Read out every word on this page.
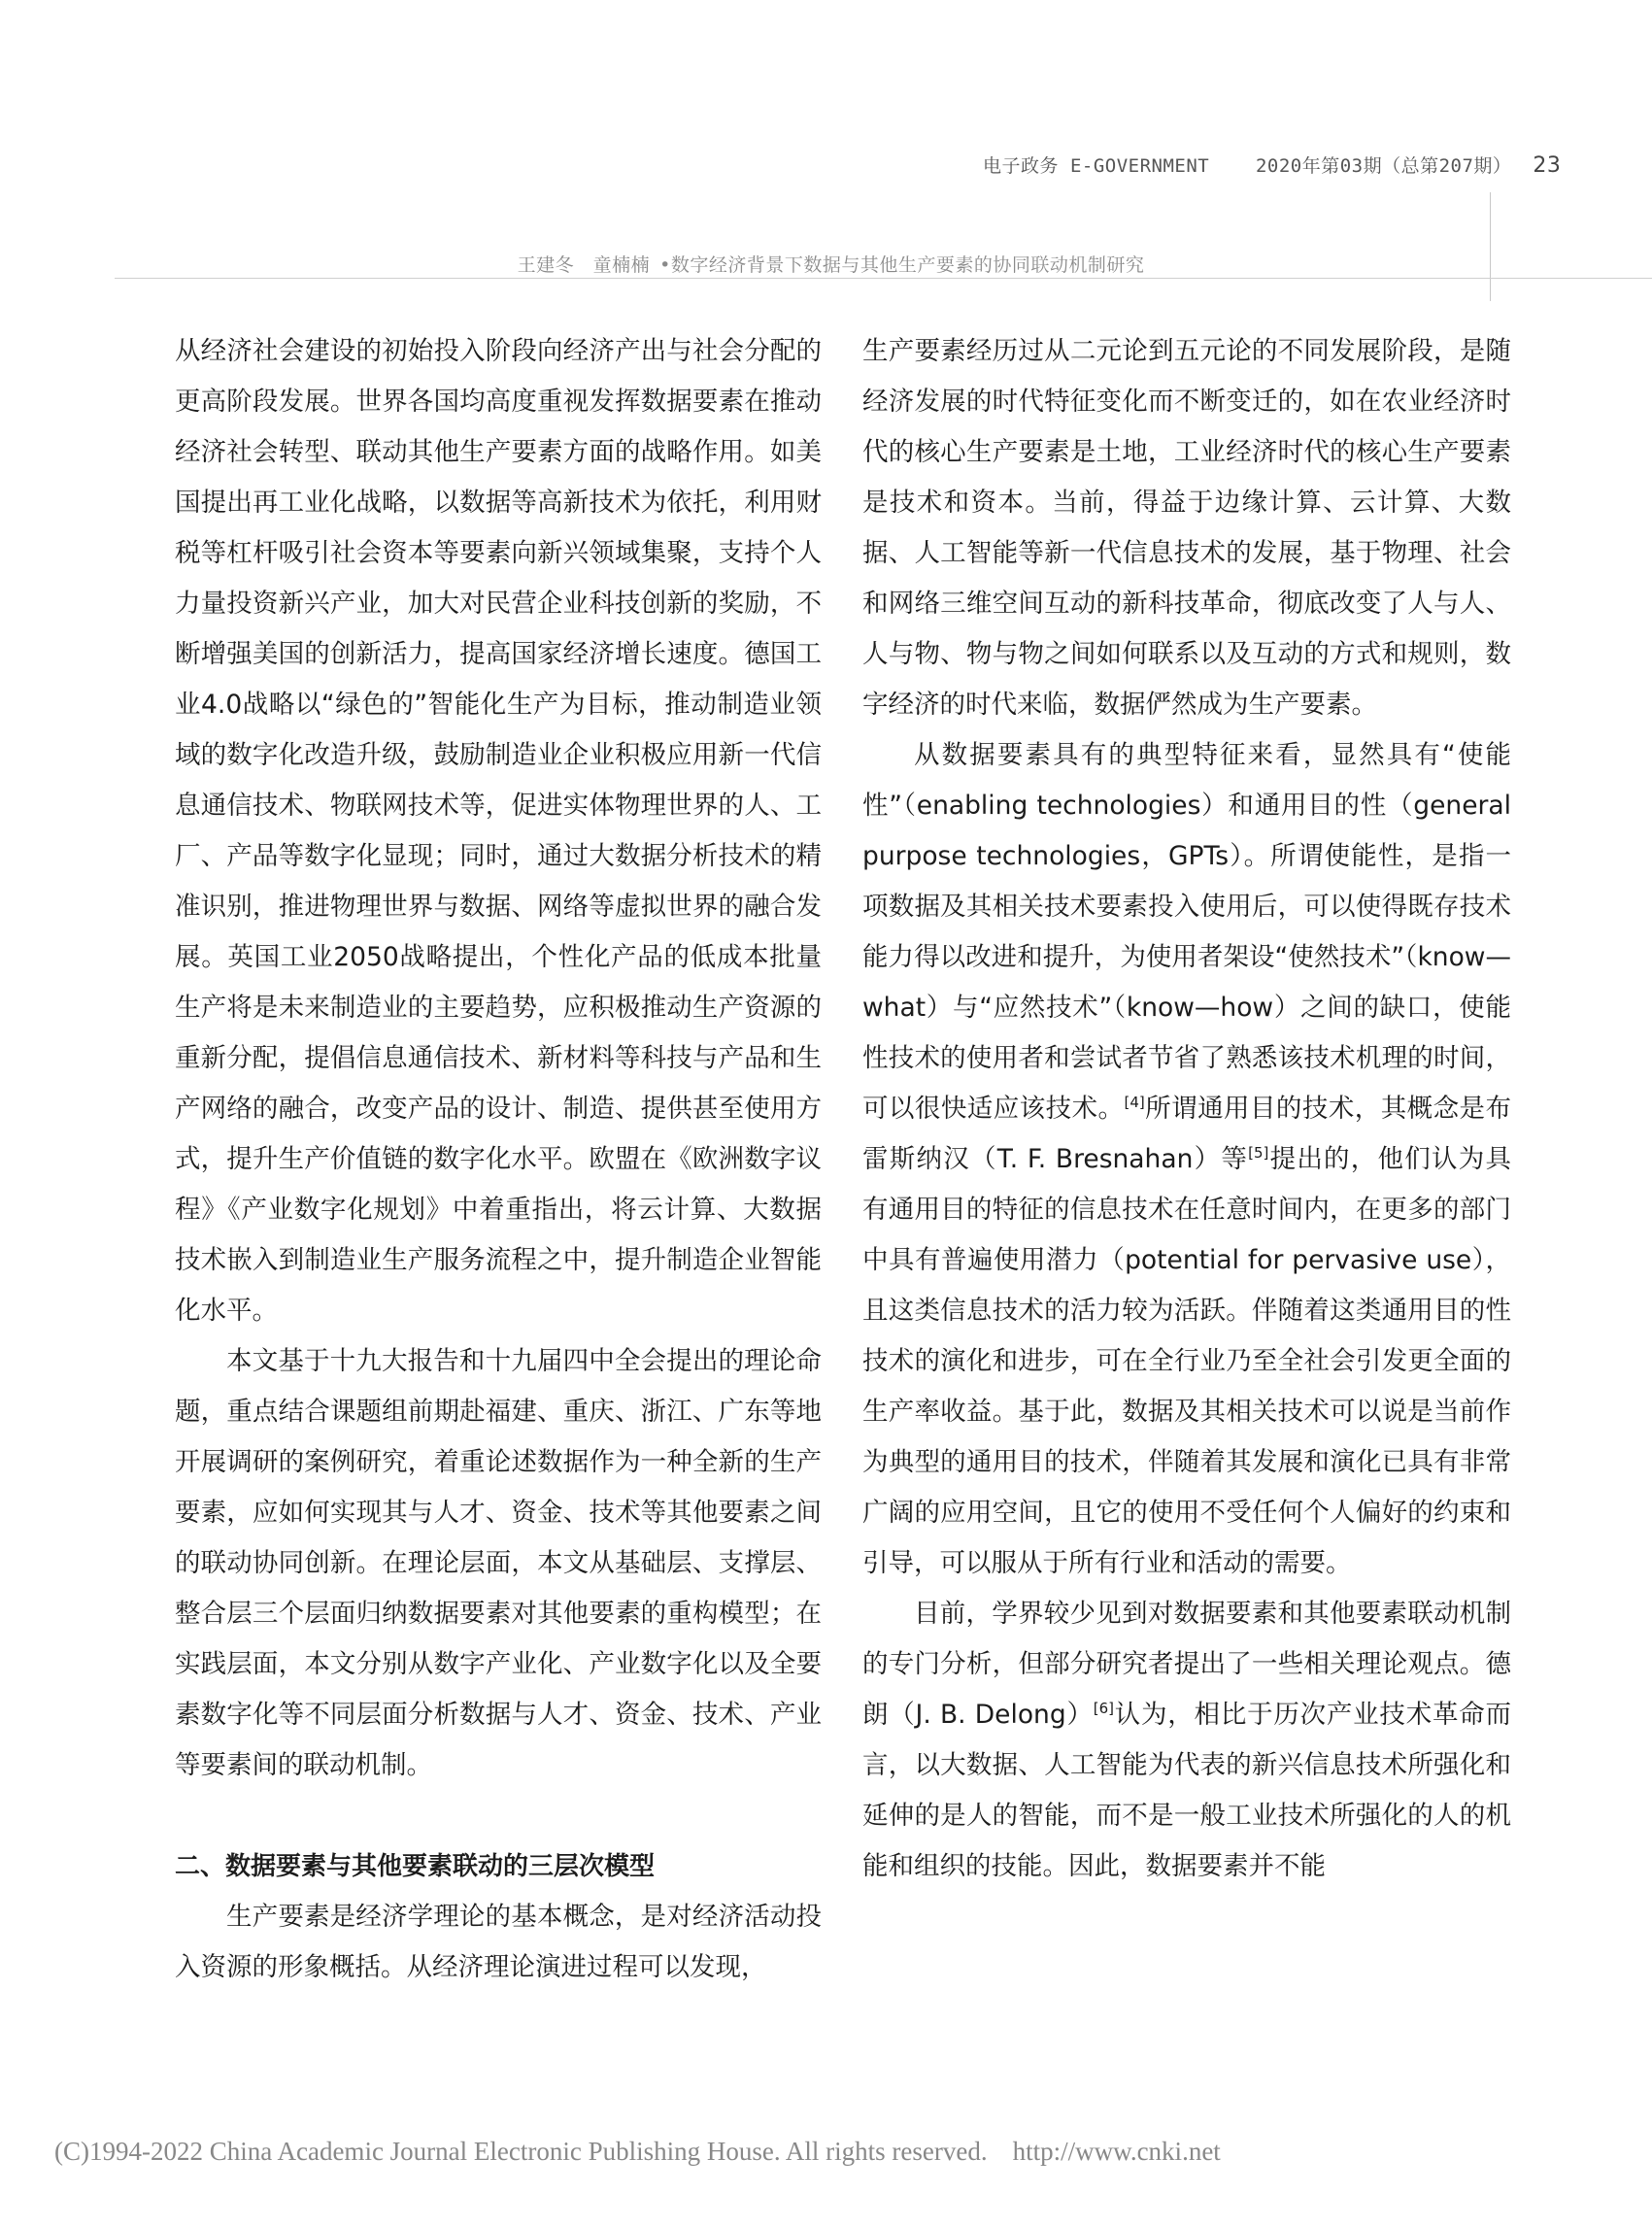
电子政务 E-GOVERNMENT	2020年第03期（总第207期） 23
王建冬　童楠楠 •数字经济背景下数据与其他生产要素的协同联动机制研究

从经济社会建设的初始投入阶段向经济产出与社会分配的更高阶段发展。世界各国均高度重视发挥数据要素在推动经济社会转型、联动其他生产要素方面的战略作用。如美国提出再工业化战略，以数据等高新技术为依托，利用财税等杠杆吸引社会资本等要素向新兴领域集聚，支持个人力量投资新兴产业，加大对民营企业科技创新的奖励，不断增强美国的创新活力，提高国家经济增长速度。德国工业4.0战略以“绿色的”智能化生产为目标，推动制造业领域的数字化改造升级，鼓励制造业企业积极应用新一代信息通信技术、物联网技术等，促进实体物理世界的人、工厂、产品等数字化显现；同时，通过大数据分析技术的精准识别，推进物理世界与数据、网络等虚拟世界的融合发展。英国工业2050战略提出，个性化产品的低成本批量生产将是未来制造业的主要趋势，应积极推动生产资源的重新分配，提倡信息通信技术、新材料等科技与产品和生产网络的融合，改变产品的设计、制造、提供甚至使用方式，提升生产价值链的数字化水平。欧盟在《欧洲数字议程》《产业数字化规划》中着重指出，将云计算、大数据技术嵌入到制造业生产服务流程之中，提升制造企业智能化水平。

本文基于十九大报告和十九届四中全会提出的理论命题，重点结合课题组前期赴福建、重庆、浙江、广东等地开展调研的案例研究，着重论述数据作为一种全新的生产要素，应如何实现其与人才、资金、技术等其他要素之间的联动协同创新。在理论层面，本文从基础层、支撑层、整合层三个层面归纳数据要素对其他要素的重构模型；在实践层面，本文分别从数字产业化、产业数字化以及全要素数字化等不同层面分析数据与人才、资金、技术、产业等要素间的联动机制。

二、数据要素与其他要素联动的三层次模型

生产要素是经济学理论的基本概念，是对经济活动投入资源的形象概括。从经济理论演进过程可以发现，

生产要素经历过从二元论到五元论的不同发展阶段，是随经济发展的时代特征变化而不断变迁的，如在农业经济时代的核心生产要素是土地，工业经济时代的核心生产要素是技术和资本。当前，得益于边缘计算、云计算、大数据、人工智能等新一代信息技术的发展，基于物理、社会和网络三维空间互动的新科技革命，彻底改变了人与人、人与物、物与物之间如何联系以及互动的方式和规则，数字经济的时代来临，数据俨然成为生产要素。

从数据要素具有的典型特征来看，显然具有“使能性”（enabling technologies）和通用目的性（general purpose technologies，GPTs）。所谓使能性，是指一项数据及其相关技术要素投入使用后，可以使得既存技术能力得以改进和提升，为使用者架设“使然技术”（know—what）与“应然技术”（know—how）之间的缺口，使能性技术的使用者和尝试者节省了熟悉该技术机理的时间，可以很快适应该技术。[4]所谓通用目的技术，其概念是布雷斯纳汉（T. F. Bresnahan）等[5]提出的，他们认为具有通用目的特征的信息技术在任意时间内，在更多的部门中具有普遍使用潜力（potential for pervasive use），且这类信息技术的活力较为活跃。伴随着这类通用目的性技术的演化和进步，可在全行业乃至全社会引发更全面的生产率收益。基于此，数据及其相关技术可以说是当前作为典型的通用目的技术，伴随着其发展和演化已具有非常广阔的应用空间，且它的使用不受任何个人偏好的约束和引导，可以服从于所有行业和活动的需要。

目前，学界较少见到对数据要素和其他要素联动机制的专门分析，但部分研究者提出了一些相关理论观点。德朗（J. B. Delong）[6]认为，相比于历次产业技术革命而言，以大数据、人工智能为代表的新兴信息技术所强化和延伸的是人的智能，而不是一般工业技术所强化的人的机能和组织的技能。因此，数据要素并不能

(C)1994-2022 China Academic Journal Electronic Publishing House. All rights reserved. http://www.cnki.net
